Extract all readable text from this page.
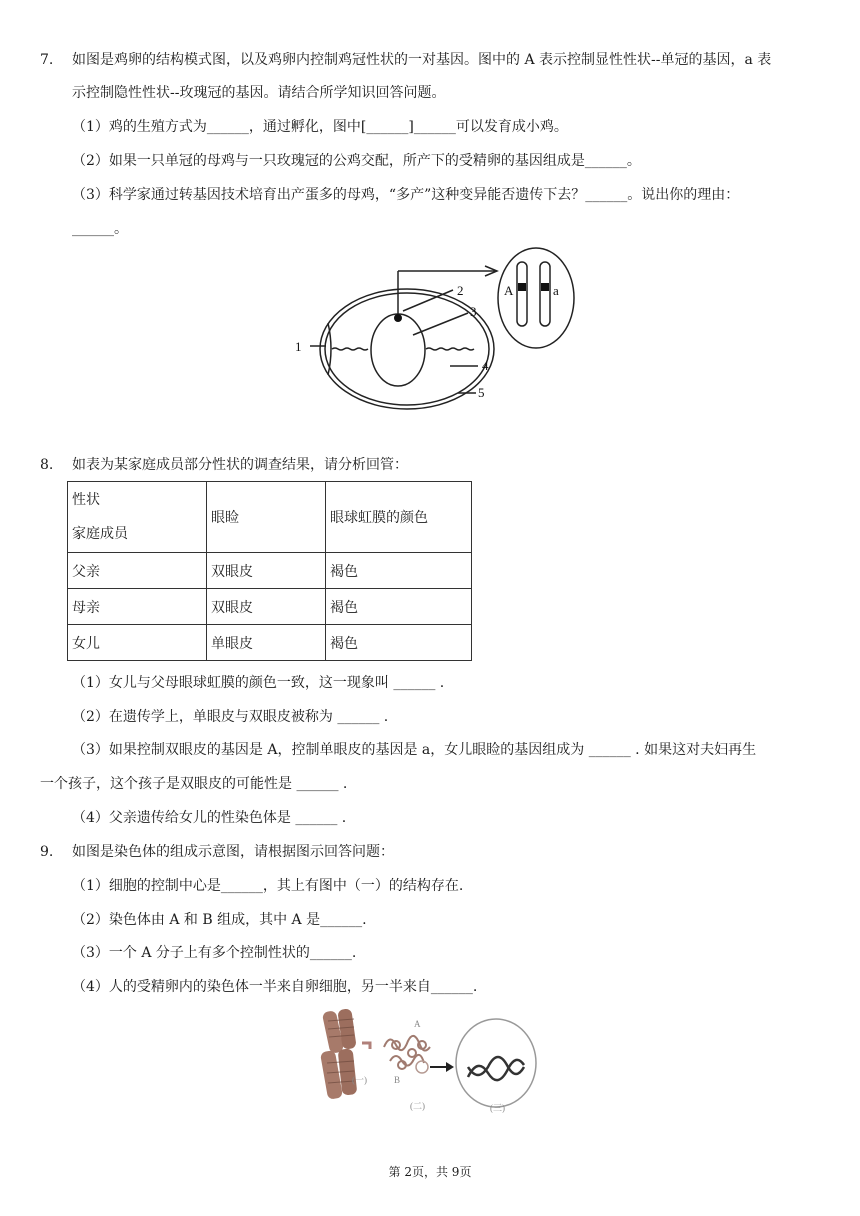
7. 如图是鸡卵的结构模式图，以及鸡卵内控制鸡冠性状的一对基因。图中的 A 表示控制显性性状--单冠的基因，a 表
示控制隐性性状--玫瑰冠的基因。请结合所学知识回答问题。
（1）鸡的生殖方式为______，通过孵化，图中[______]______可以发育成小鸡。
（2）如果一只单冠的母鸡与一只玫瑰冠的公鸡交配，所产下的受精卵的基因组成是______。
（3）科学家通过转基因技术培育出产蛋多的母鸡，“多产”这种变异能否遗传下去？______。说出你的理由：
______。
A	a
1
2
3
4
5
8. 如表为某家庭成员部分性状的调查结果，请分析回管：
性状
家庭成员	眼睑	眼球虹膜的颜色
父亲	双眼皮	褐色
母亲	双眼皮	褐色
女儿	单眼皮	褐色
（1）女儿与父母眼球虹膜的颜色一致，这一现象叫 ______ .
（2）在遗传学上，单眼皮与双眼皮被称为 ______ .
（3）如果控制双眼皮的基因是 A，控制单眼皮的基因是 a，女儿眼睑的基因组成为 ______ . 如果这对夫妇再生
一个孩子，这个孩子是双眼皮的可能性是 ______ .
（4）父亲遗传给女儿的性染色体是 ______ .
9. 如图是染色体的组成示意图，请根据图示回答问题：
（1）细胞的控制中心是______，其上有图中（一）的结构存在.
（2）染色体由 A 和 B 组成，其中 A 是______.
（3）一个 A 分子上有多个控制性状的______.
（4）人的受精卵内的染色体一半来自卵细胞，另一半来自______.
A
B
(一)
(二)	(三)
第 2页，共 9页
